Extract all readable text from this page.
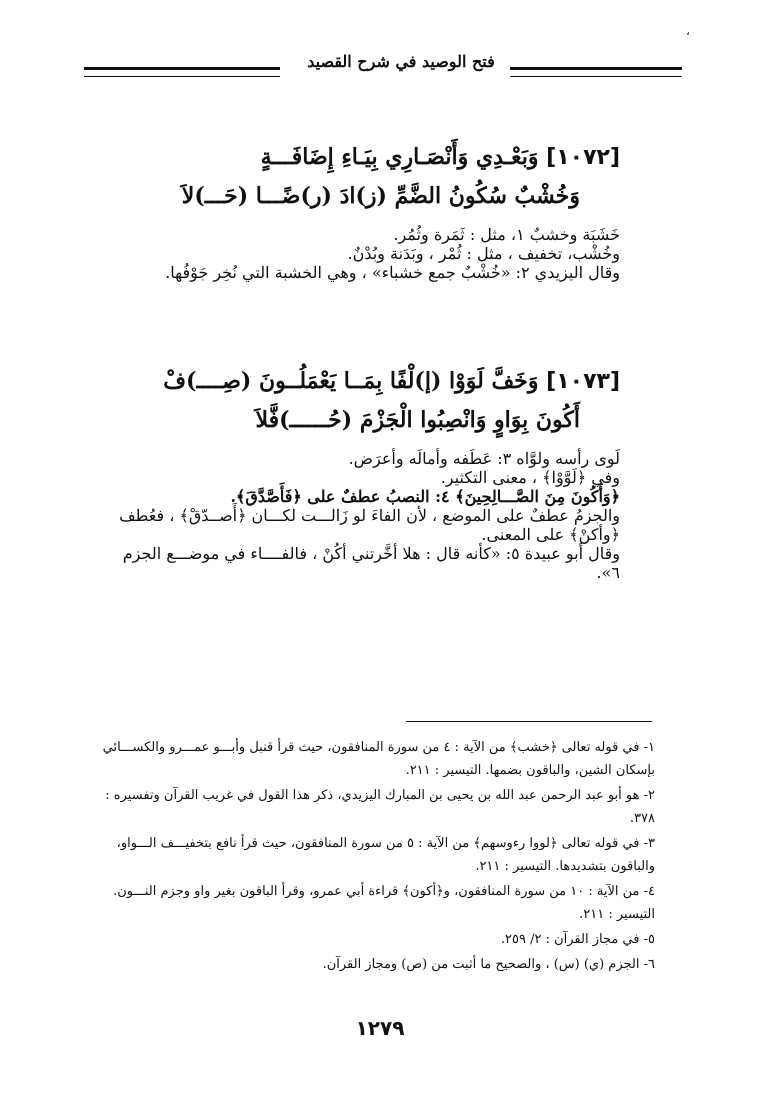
،
فتح الوصيد في شرح القصيد

[١٠٧٢] وَبَعْـدِي وَأَنْصَـارِي بِيَـاءِ إِضَافَـــةٍ

وَخُشْبٌ سُكُونُ الضَّمِّ (ز)ادَ (ر)ضًـــا (حَـــ)لاَ

خَشَبَة وخشبٌ ١، مثل : ثَمَرة وثُمُر.

وخُشْب، تخفيف ، مثل : ثُمْر ، وبَدَنة وبُدْنٌ.

وقال اليزيدي ٢: «خُشْبٌ جمع خشباء» ، وهي الخشبة التي نُخِر جَوْفُها.

[١٠٧٣] وَخَفَّ لَوَوْا (إ)لْفًا بِمَــا يَعْمَلُــونَ (صِــــ)فْ

أَكُونَ بِوَاوٍ وَانْصِبُوا الْجَزْمَ (حُــــــ)فَّلاَ

لَوى رأسه ولوَّاه ٣: عَطَفه وأمالَه وأعرَض.

وفي ﴿لَوَّوْا﴾ ، معنى التكثير.

﴿وَأَكُونَ مِنَ الصَّـــالِحِينَ﴾ ٤: النصبُ عطفٌ على ﴿فَأَصَّدَّقَ﴾.

والجزمُ عطفٌ على الموضع ، لأن الفاءَ لو زَالـــت لكـــان ﴿أَصــدّقْ﴾ ، فعُطف ﴿وأكنْ﴾ على المعنى.

وقال أبو عبيدة ٥: «كأنه قال : هلا أخَّرتني أكُنْ ، فالفــــاء في موضـــع الجزم ٦».

١- في قوله تعالى ﴿خشب﴾ من الآية : ٤ من سورة المنافقون، حيث قرأ قنبل وأبـــو عمـــرو والكســـائي بإسكان الشين، والباقون بضمها. التيسير : ٢١١.

٢- هو أبو عبد الرحمن عبد الله بن يحيى بن المبارك اليزيدي، ذكر هذا القول في غريب القرآن وتفسيره : ٣٧٨.

٣- في قوله تعالى ﴿لووا رءوسهم﴾ من الآية : ٥ من سورة المنافقون، حيث قرأ نافع بتخفيـــف الـــواو، والباقون بتشديدها. التيسير : ٢١١.

٤- من الآية : ١٠ من سورة المنافقون، و﴿أكون﴾ قراءة أبي عمرو، وقرأ الباقون بغير واو وجزم النـــون. التيسير : ٢١١.

٥- في مجاز القرآن : ٢/ ٢٥٩.

٦- الجزم (ي) (س) ، والصحيح ما أثبت من (ص) ومجاز القرآن.

١٢٧٩
